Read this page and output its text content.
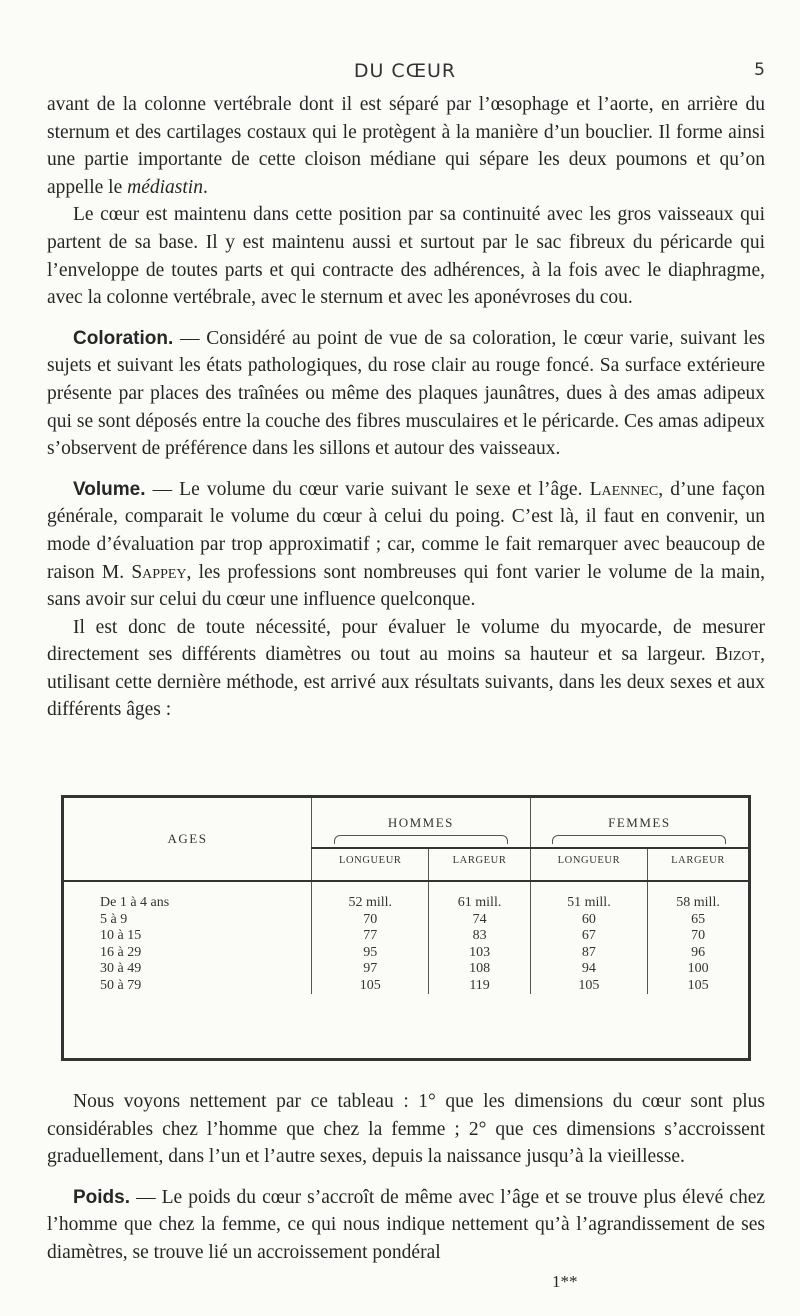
DU CŒUR	5

avant de la colonne vertébrale dont il est séparé par l’œsophage et l’aorte, en arrière du sternum et des cartilages costaux qui le protègent à la manière d’un bouclier. Il forme ainsi une partie importante de cette cloison médiane qui sépare les deux poumons et qu’on appelle le médiastin.

Le cœur est maintenu dans cette position par sa continuité avec les gros vaisseaux qui partent de sa base. Il y est maintenu aussi et surtout par le sac fibreux du péricarde qui l’enveloppe de toutes parts et qui contracte des adhérences, à la fois avec le diaphragme, avec la colonne vertébrale, avec le sternum et avec les aponévroses du cou.

Coloration. — Considéré au point de vue de sa coloration, le cœur varie, suivant les sujets et suivant les états pathologiques, du rose clair au rouge foncé. Sa surface extérieure présente par places des traînées ou même des plaques jaunâtres, dues à des amas adipeux qui se sont déposés entre la couche des fibres musculaires et le péricarde. Ces amas adipeux s’observent de préférence dans les sillons et autour des vaisseaux.

Volume. — Le volume du cœur varie suivant le sexe et l’âge. Laennec, d’une façon générale, comparait le volume du cœur à celui du poing. C’est là, il faut en convenir, un mode d’évaluation par trop approximatif ; car, comme le fait remarquer avec beaucoup de raison M. Sappey, les professions sont nombreuses qui font varier le volume de la main, sans avoir sur celui du cœur une influence quelconque.

Il est donc de toute nécessité, pour évaluer le volume du myocarde, de mesurer directement ses différents diamètres ou tout au moins sa hauteur et sa largeur. Bizot, utilisant cette dernière méthode, est arrivé aux résultats suivants, dans les deux sexes et aux différents âges :

AGES	HOMMES		FEMMES	

	LONGUEUR	LARGEUR	LONGUEUR	LARGEUR
De 1 à 4 ans	52 mill.	61 mill.	51 mill.	58 mill.
5 à 9	70	74	60	65
10 à 15	77	83	67	70
16 à 29	95	103	87	96
30 à 49	97	108	94	100
50 à 79	105	119	105	105

Nous voyons nettement par ce tableau : 1° que les dimensions du cœur sont plus considérables chez l’homme que chez la femme ; 2° que ces dimensions s’accroissent graduellement, dans l’un et l’autre sexes, depuis la naissance jusqu’à la vieillesse.

Poids. — Le poids du cœur s’accroît de même avec l’âge et se trouve plus élevé chez l’homme que chez la femme, ce qui nous indique nettement qu’à l’agrandissement de ses diamètres, se trouve lié un accroissement pondéral

1**
